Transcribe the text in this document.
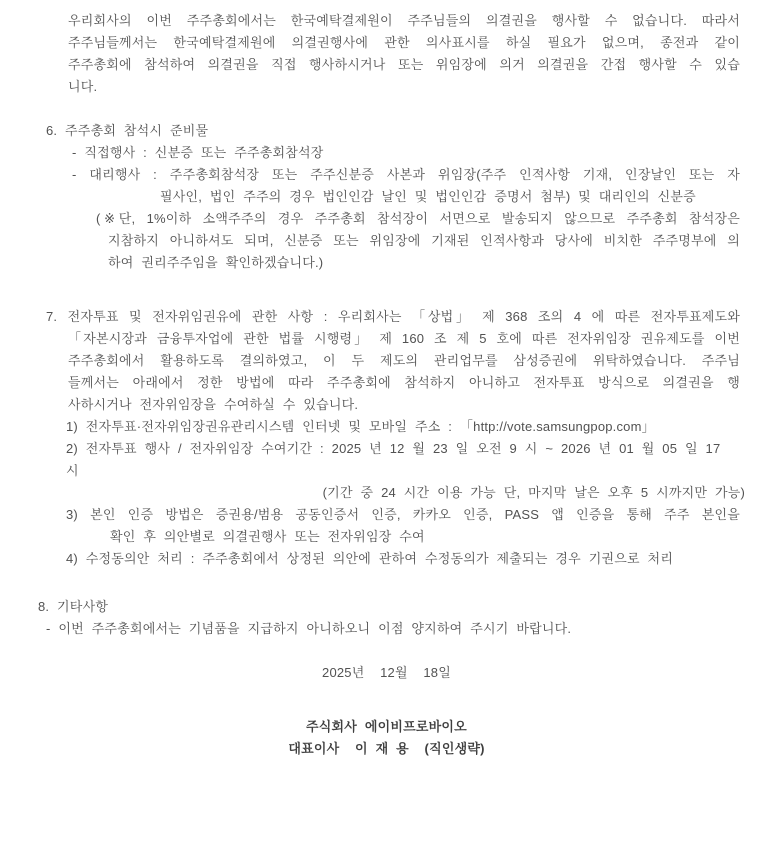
우리회사의 이번 주주총회에서는 한국예탁결제원이 주주님들의 의결권을 행사할 수 없습니다. 따라서
주주님들께서는 한국예탁결제원에 의결권행사에 관한 의사표시를 하실 필요가 없으며, 종전과 같이
주주총회에 참석하여 의결권을 직접 행사하시거나 또는 위임장에 의거 의결권을 간접 행사할 수 있습
니다.
6. 주주총회 참석시 준비물
- 직접행사 : 신분증 또는 주주총회참석장
- 대리행사 : 주주총회참석장 또는 주주신분증 사본과 위임장(주주 인적사항 기재, 인장날인 또는 자
필사인, 법인 주주의 경우 법인인감 날인 및 법인인감 증명서 첨부) 및 대리인의 신분증
(※단, 1%이하 소액주주의 경우 주주총회 참석장이 서면으로 발송되지 않으므로 주주총회 참석장은
지참하지 아니하셔도 되며, 신분증 또는 위임장에 기재된 인적사항과 당사에 비치한 주주명부에 의
하여 권리주주임을 확인하겠습니다.)
7. 전자투표 및 전자위임권유에 관한 사항 : 우리회사는 「상법」 제 368 조의 4 에 따른 전자투표제도와
「자본시장과 금융투자업에 관한 법률 시행령」 제 160 조 제 5 호에 따른 전자위임장 권유제도를 이번
주주총회에서 활용하도록 결의하였고, 이 두 제도의 관리업무를 삼성증권에 위탁하였습니다. 주주님
들께서는 아래에서 정한 방법에 따라 주주총회에 참석하지 아니하고 전자투표 방식으로 의결권을 행
사하시거나 전자위임장을 수여하실 수 있습니다.
1) 전자투표·전자위임장권유관리시스템 인터넷 및 모바일 주소 : 「http://vote.samsungpop.com」
2) 전자투표 행사 / 전자위임장 수여기간 : 2025 년 12 월 23 일 오전 9 시 ~ 2026 년 01 월 05 일 17 시
(기간 중 24 시간 이용 가능 단, 마지막 날은 오후 5 시까지만 가능)
3) 본인 인증 방법은 증권용/범용 공동인증서 인증, 카카오 인증, PASS 앱 인증을 통해 주주 본인을
확인 후 의안별로 의결권행사 또는 전자위임장 수여
4) 수정동의안 처리 : 주주총회에서 상정된 의안에 관하여 수정동의가 제출되는 경우 기권으로 처리
8. 기타사항
- 이번 주주총회에서는 기념품을 지급하지 아니하오니 이점 양지하여 주시기 바랍니다.
2025년  12월  18일
주식회사 에이비프로바이오
대표이사  이 재 용  (직인생략)
